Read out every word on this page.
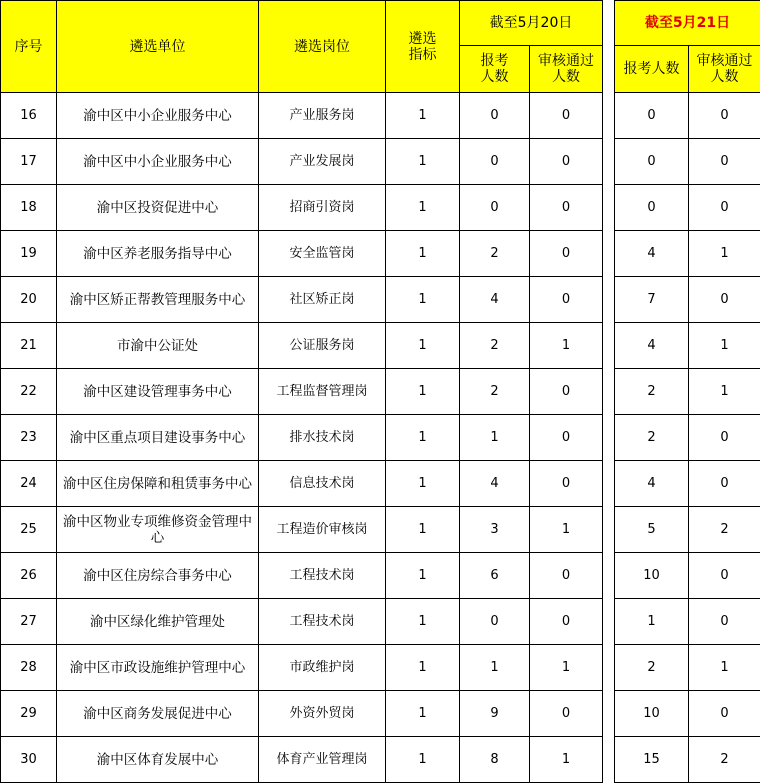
序号	遴选单位	遴选岗位	遴选指标	截至5月20日			截至5月21日	
				报考人数	审核通过人数		报考人数	审核通过人数
16	渝中区中小企业服务中心	产业服务岗	1	0	0		0	0
17	渝中区中小企业服务中心	产业发展岗	1	0	0		0	0
18	渝中区投资促进中心	招商引资岗	1	0	0		0	0
19	渝中区养老服务指导中心	安全监管岗	1	2	0		4	1
20	渝中区矫正帮教管理服务中心	社区矫正岗	1	4	0		7	0
21	市渝中公证处	公证服务岗	1	2	1		4	1
22	渝中区建设管理事务中心	工程监督管理岗	1	2	0		2	1
23	渝中区重点项目建设事务中心	排水技术岗	1	1	0		2	0
24	渝中区住房保障和租赁事务中心	信息技术岗	1	4	0		4	0
25	渝中区物业专项维修资金管理中心	工程造价审核岗	1	3	1		5	2
26	渝中区住房综合事务中心	工程技术岗	1	6	0		10	0
27	渝中区绿化维护管理处	工程技术岗	1	0	0		1	0
28	渝中区市政设施维护管理中心	市政维护岗	1	1	1		2	1
29	渝中区商务发展促进中心	外资外贸岗	1	9	0		10	0
30	渝中区体育发展中心	体育产业管理岗	1	8	1		15	2
